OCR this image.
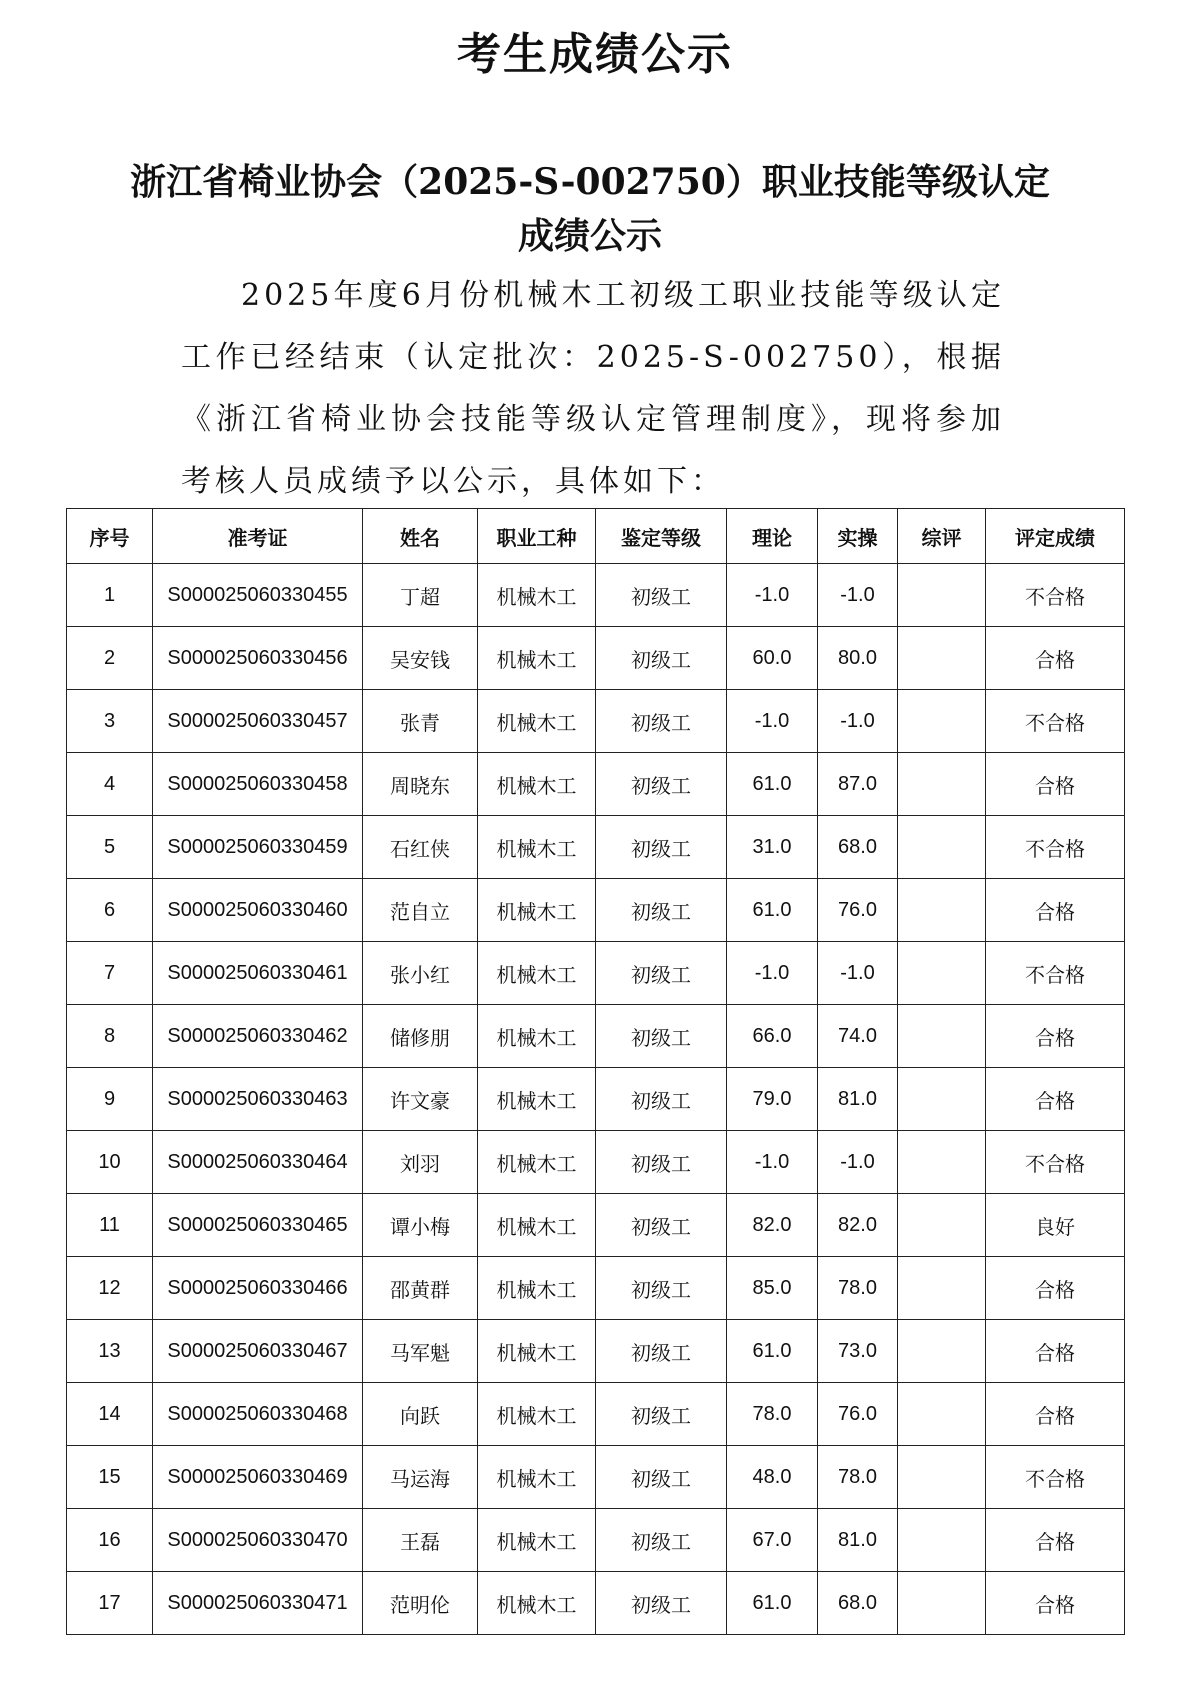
考生成绩公示
浙江省椅业协会（2025-S-002750）职业技能等级认定
成绩公示

2025年度6月份机械木工初级工职业技能等级认定工作已经结束（认定批次：2025-S-002750），根据《浙江省椅业协会技能等级认定管理制度》，现将参加考核人员成绩予以公示，具体如下：

序号	准考证	姓名	职业工种	鉴定等级	理论	实操	综评	评定成绩
1	S000025060330455	丁超	机械木工	初级工	-1.0	-1.0		不合格
2	S000025060330456	吴安钱	机械木工	初级工	60.0	80.0		合格
3	S000025060330457	张青	机械木工	初级工	-1.0	-1.0		不合格
4	S000025060330458	周晓东	机械木工	初级工	61.0	87.0		合格
5	S000025060330459	石红侠	机械木工	初级工	31.0	68.0		不合格
6	S000025060330460	范自立	机械木工	初级工	61.0	76.0		合格
7	S000025060330461	张小红	机械木工	初级工	-1.0	-1.0		不合格
8	S000025060330462	储修朋	机械木工	初级工	66.0	74.0		合格
9	S000025060330463	许文豪	机械木工	初级工	79.0	81.0		合格
10	S000025060330464	刘羽	机械木工	初级工	-1.0	-1.0		不合格
11	S000025060330465	谭小梅	机械木工	初级工	82.0	82.0		良好
12	S000025060330466	邵黄群	机械木工	初级工	85.0	78.0		合格
13	S000025060330467	马军魁	机械木工	初级工	61.0	73.0		合格
14	S000025060330468	向跃	机械木工	初级工	78.0	76.0		合格
15	S000025060330469	马运海	机械木工	初级工	48.0	78.0		不合格
16	S000025060330470	王磊	机械木工	初级工	67.0	81.0		合格
17	S000025060330471	范明伦	机械木工	初级工	61.0	68.0		合格
